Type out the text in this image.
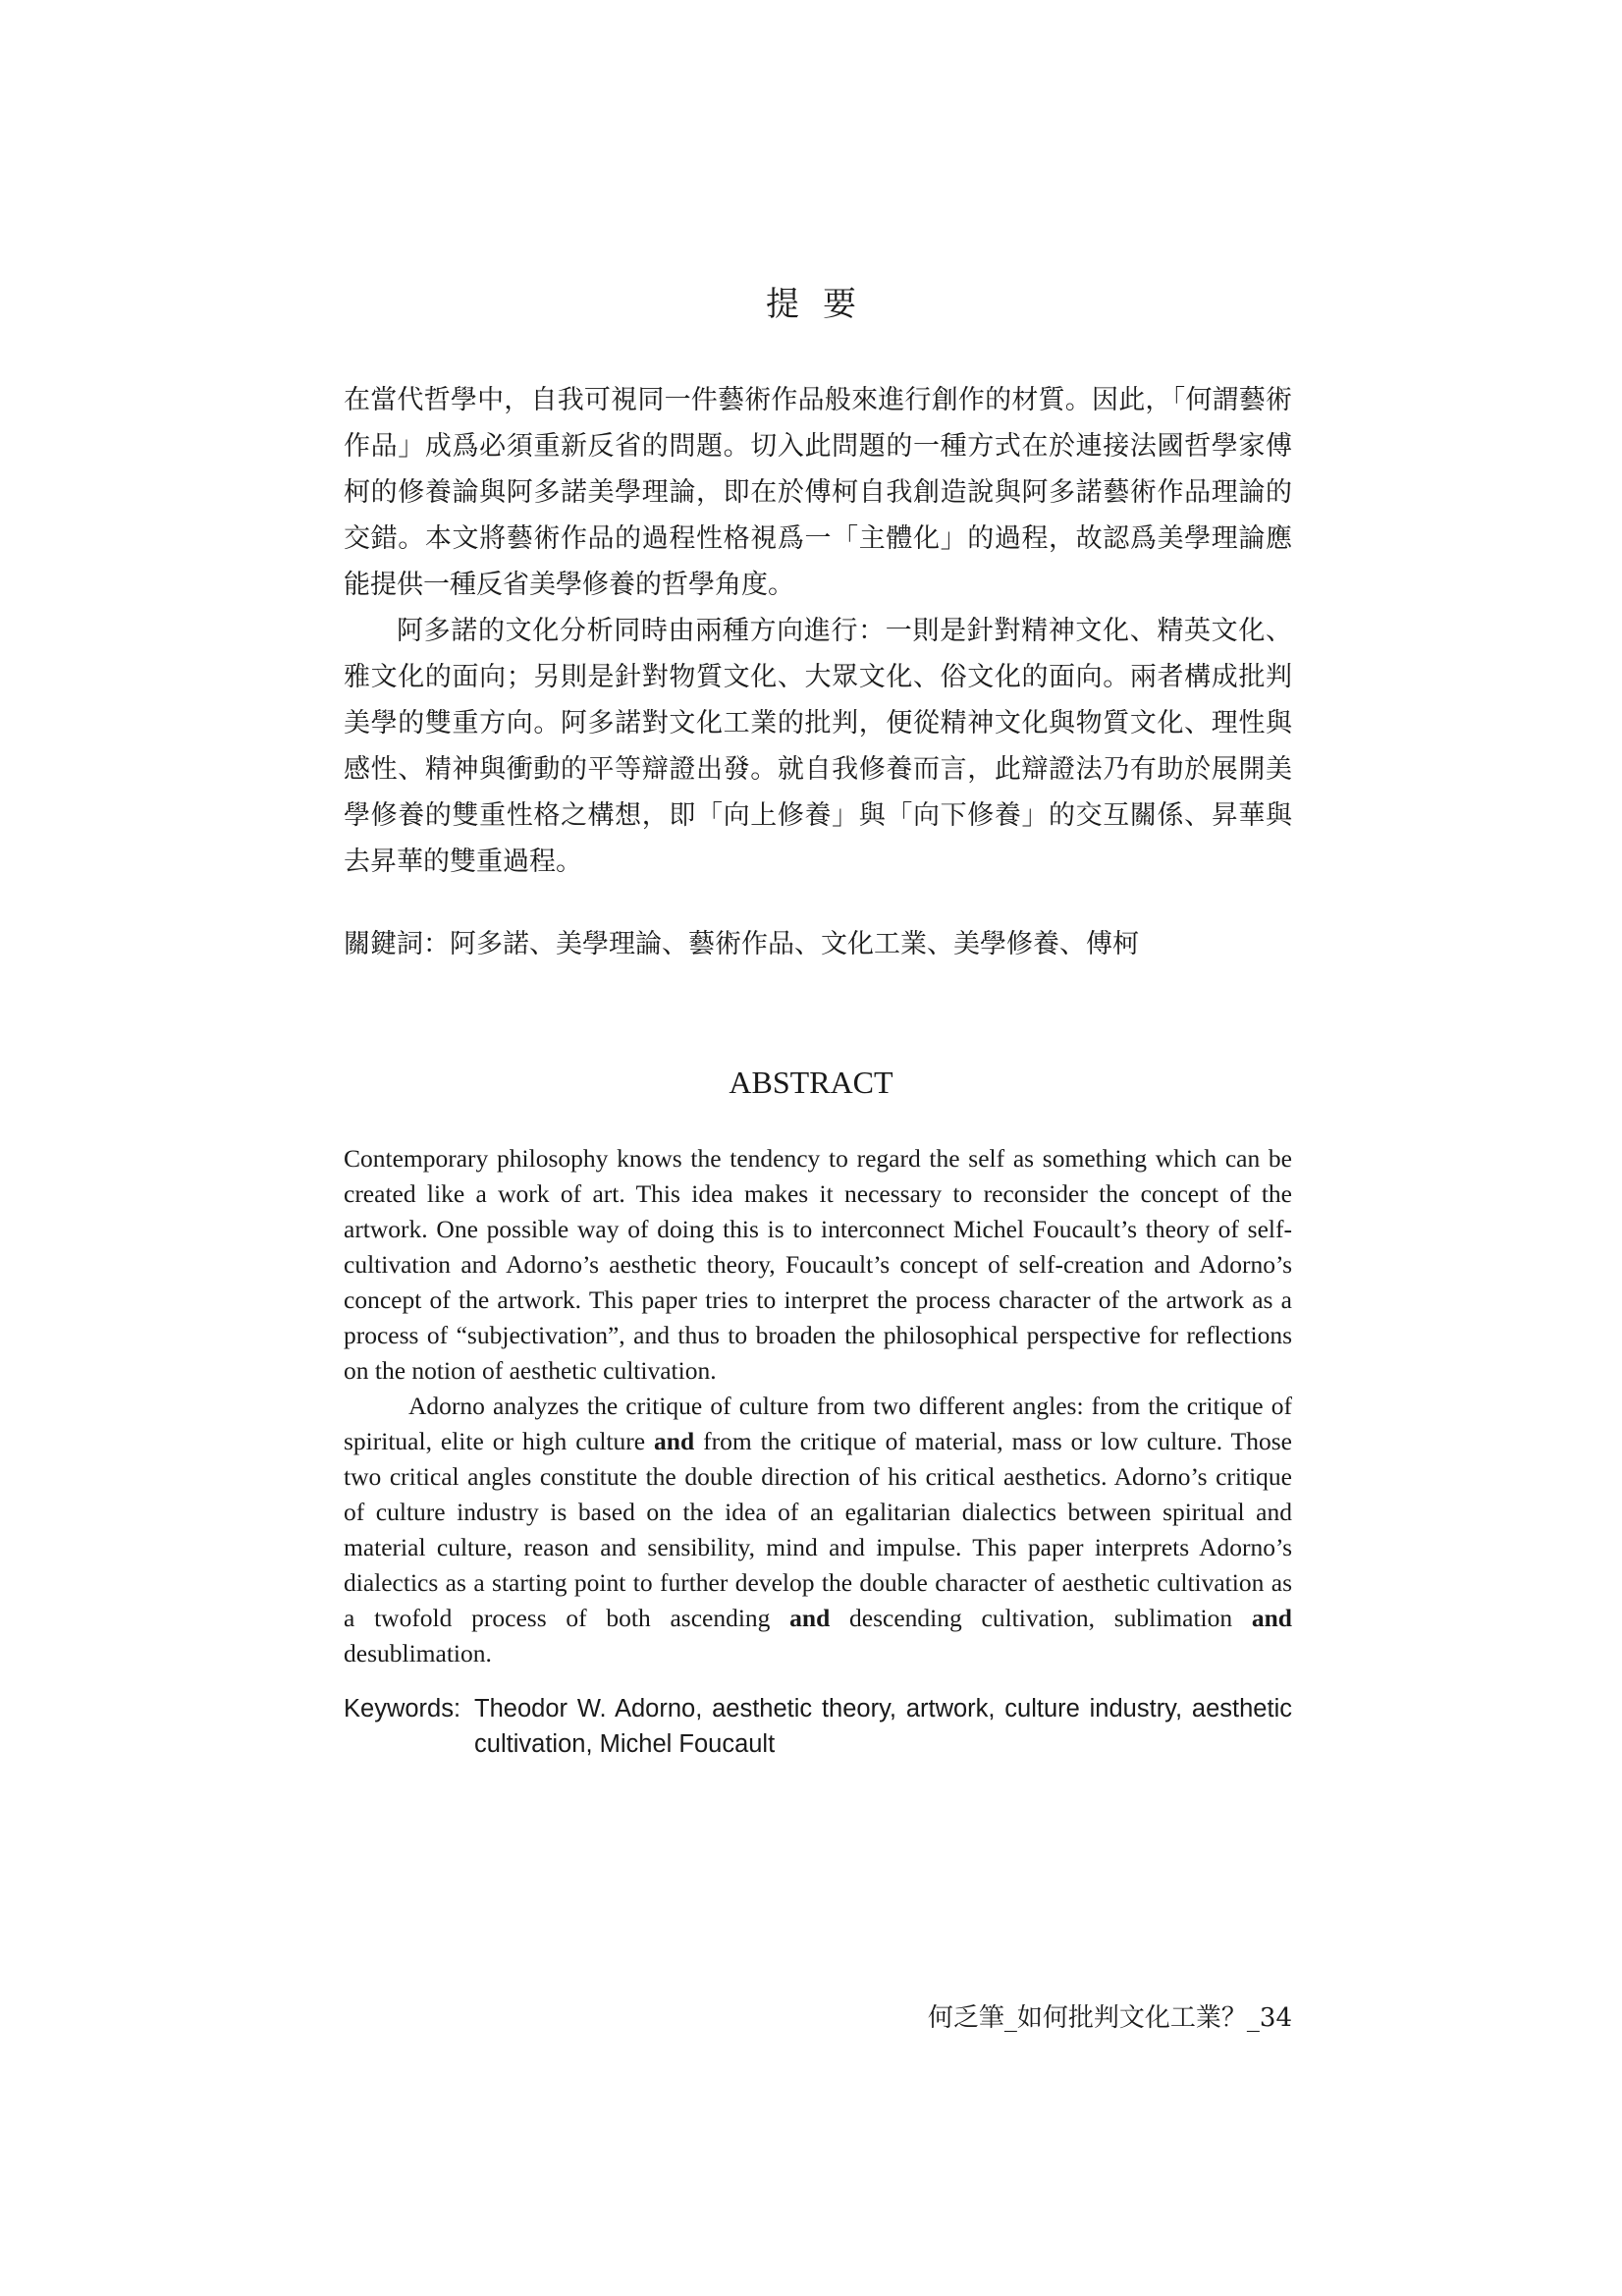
提要

在當代哲學中，自我可視同一件藝術作品般來進行創作的材質。因此，「何謂藝術作品」成爲必須重新反省的問題。切入此問題的一種方式在於連接法國哲學家傅柯的修養論與阿多諾美學理論，即在於傅柯自我創造說與阿多諾藝術作品理論的交錯。本文將藝術作品的過程性格視爲一「主體化」的過程，故認爲美學理論應能提供一種反省美學修養的哲學角度。

阿多諾的文化分析同時由兩種方向進行：一則是針對精神文化、精英文化、雅文化的面向；另則是針對物質文化、大眾文化、俗文化的面向。兩者構成批判美學的雙重方向。阿多諾對文化工業的批判，便從精神文化與物質文化、理性與感性、精神與衝動的平等辯證出發。就自我修養而言，此辯證法乃有助於展開美學修養的雙重性格之構想，即「向上修養」與「向下修養」的交互關係、昇華與去昇華的雙重過程。

關鍵詞：阿多諾、美學理論、藝術作品、文化工業、美學修養、傅柯
ABSTRACT

Contemporary philosophy knows the tendency to regard the self as something which can be created like a work of art. This idea makes it necessary to reconsider the concept of the artwork. One possible way of doing this is to interconnect Michel Foucault’s theory of self-cultivation and Adorno’s aesthetic theory, Foucault’s concept of self-creation and Adorno’s concept of the artwork. This paper tries to interpret the process character of the artwork as a process of “subjectivation”, and thus to broaden the philosophical perspective for reflections on the notion of aesthetic cultivation.

Adorno analyzes the critique of culture from two different angles: from the critique of spiritual, elite or high culture and from the critique of material, mass or low culture. Those two critical angles constitute the double direction of his critical aesthetics. Adorno’s critique of culture industry is based on the idea of an egalitarian dialectics between spiritual and material culture, reason and sensibility, mind and impulse. This paper interprets Adorno’s dialectics as a starting point to further develop the double character of aesthetic cultivation as a twofold process of both ascending and descending cultivation, sublimation and desublimation.

Keywords: Theodor W. Adorno, aesthetic theory, artwork, culture industry, aesthetic cultivation, Michel Foucault
何乏筆_如何批判文化工業？_34
